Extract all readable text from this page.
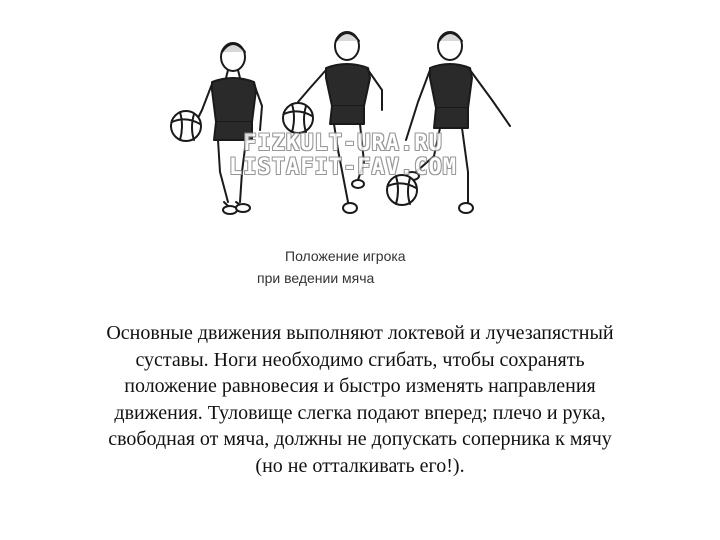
FIZKULT-URA.RU
LISTAFIT-FAV.COM
Положение игрока
при ведении мяча
Основные движения выполняют локтевой и лучезапястный
суставы. Ноги необходимо сгибать, чтобы сохранять
положение равновесия и быстро изменять направления
движения. Туловище слегка подают вперед; плечо и рука,
свободная от мяча, должны не допускать соперника к мячу
(но не отталкивать его!).
